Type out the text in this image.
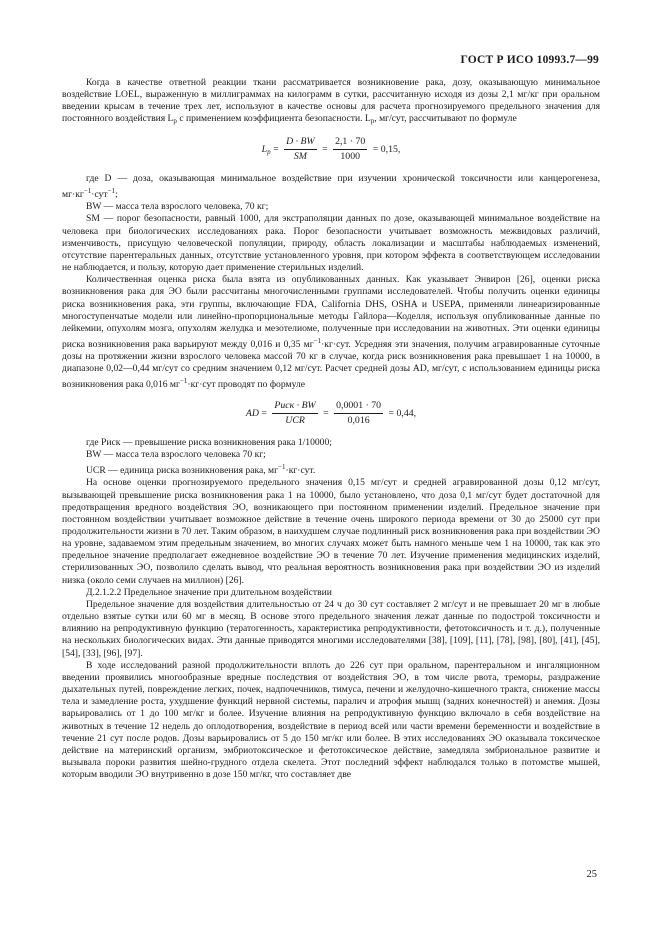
ГОСТ Р ИСО 10993.7—99

Когда в качестве ответной реакции ткани рассматривается возникновение рака, дозу, оказывающую минимальное воздействие LOEL, выраженную в миллиграммах на килограмм в сутки, рассчитанную исходя из дозы 2,1 мг/кг при оральном введении крысам в течение трех лет, используют в качестве основы для расчета прогнозируемого предельного значения для постоянного воздействия $L_p$ с применением коэффициента безопасности. $L_p$, мг/сут, рассчитывают по формуле

$L_p = \frac{D \cdot BW}{SM} = \frac{2,1 \cdot 70}{1000} = 0,15$,

где D — доза, оказывающая минимальное воздействие при изучении хронической токсичности или канцерогенеза, $мг\cdot кг^{-1}\cdot сут^{-1}$;

BW — масса тела взрослого человека, 70 кг;

SM — порог безопасности, равный 1000, для экстраполяции данных по дозе, оказывающей минимальное воздействие на человека при биологических исследованиях рака. Порог безопасности учитывает возможность межвидовых различий, изменчивость, присущую человеческой популяции, природу, область локализации и масштабы наблюдаемых изменений, отсутствие парентеральных данных, отсутствие установленного уровня, при котором эффекта в соответствующем исследовании не наблюдается, и пользу, которую дает применение стерильных изделий.

Количественная оценка риска была взята из опубликованных данных. Как указывает Энвирон [26], оценки риска возникновения рака для ЭО были рассчитаны многочисленными группами исследователей. Чтобы получить оценки единицы риска возникновения рака, эти группы, включающие FDA, California DHS, OSHA и USEPA, применяли линеаризированные многоступенчатые модели или линейно-пропорциональные методы Гайлора—Коделля, используя опубликованные данные по лейкемии, опухолям мозга, опухолям желудка и мезотелиоме, полученные при исследовании на животных. Эти оценки единицы риска возникновения рака варьируют между 0,016 и 0,35 $мг^{-1}\cdot кг\cdot сут$. Усредняя эти значения, получим агравированные суточные дозы на протяжении жизни взрослого человека массой 70 кг в случае, когда риск возникновения рака превышает 1 на 10000, в диапазоне 0,02—0,44 мг/сут со средним значением 0,12 мг/сут. Расчет средней дозы AD, мг/сут, с использованием единицы риска возникновения рака 0,016 $мг^{-1}\cdot кг\cdot сут$ проводят по формуле

AD = $\frac{\text{Риск · BW}}{\text{UCR}} = \frac{0,0001 \cdot 70}{0,016} = 0,44$,

где Риск — превышение риска возникновения рака 1/10000;

BW — масса тела взрослого человека 70 кг;

UCR — единица риска возникновения рака, $мг^{-1}\cdot кг\cdot сут$.

На основе оценки прогнозируемого предельного значения 0,15 мг/сут и средней агравированной дозы 0,12 мг/сут, вызывающей превышение риска возникновения рака 1 на 10000, было установлено, что доза 0,1 мг/сут будет достаточной для предотвращения вредного воздействия ЭО, возникающего при постоянном применении изделий. Предельное значение при постоянном воздействии учитывает возможное действие в течение очень широкого периода времени от 30 до 25000 сут при продолжительности жизни в 70 лет. Таким образом, в наихудшем случае подлинный риск возникновения рака при воздействии ЭО на уровне, задаваемом этим предельным значением, во многих случаях может быть намного меньше чем 1 на 10000, так как это предельное значение предполагает ежедневное воздействие ЭО в течение 70 лет. Изучение применения медицинских изделий, стерилизованных ЭО, позволило сделать вывод, что реальная вероятность возникновения рака при воздействии ЭО из изделий низка (около семи случаев на миллион) [26].

Д.2.1.2.2 Предельное значение при длительном воздействии

Предельное значение для воздействия длительностью от 24 ч до 30 сут составляет 2 мг/сут и не превышает 20 мг в любые отдельно взятые сутки или 60 мг в месяц. В основе этого предельного значения лежат данные по подострой токсичности и влиянию на репродуктивную функцию (тератогенность, характеристика репродуктивности, фетотоксичность и т. д.), полученные на нескольких биологических видах. Эти данные приводятся многими исследователями [38], [109], [11], [78], [98], [80], [41], [45], [54], [33], [96], [97].

В ходе исследований разной продолжительности вплоть до 226 сут при оральном, парентеральном и ингаляционном введении проявились многообразные вредные последствия от воздействия ЭО, в том числе рвота, треморы, раздражение дыхательных путей, повреждение легких, почек, надпочечников, тимуса, печени и желудочно-кишечного тракта, снижение массы тела и замедление роста, ухудшение функций нервной системы, паралич и атрофия мышц (задних конечностей) и анемия. Дозы варьировались от 1 до 100 мг/кг и более. Изучение влияния на репродуктивную функцию включало в себя воздействие на животных в течение 12 недель до оплодотворения, воздействие в период всей или части времени беременности и воздействие в течение 21 сут после родов. Дозы варьировались от 5 до 150 мг/кг или более. В этих исследованиях ЭО оказывала токсическое действие на материнский организм, эмбриотоксическое и фетотоксическое действие, замедляла эмбриональное развитие и вызывала пороки развития шейно-грудного отдела скелета. Этот последний эффект наблюдался только в потомстве мышей, которым вводили ЭО внутривенно в дозе 150 мг/кг, что составляет две

25
